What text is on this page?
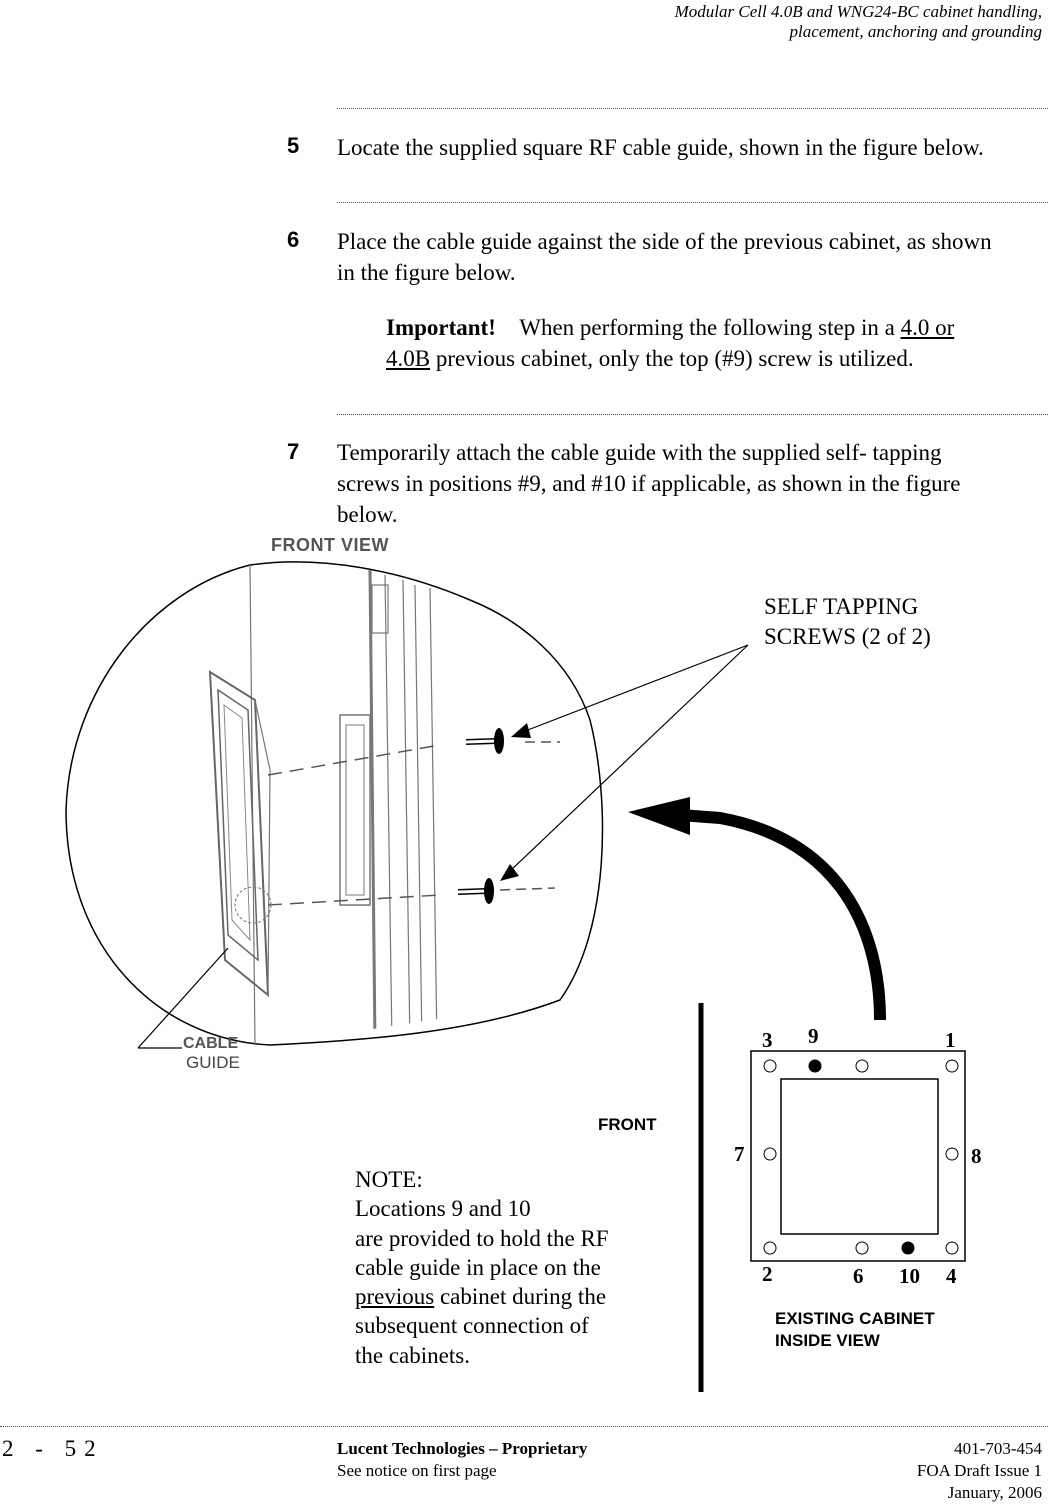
Modular Cell 4.0B and WNG24-BC cabinet handling,
placement, anchoring and grounding
5 Locate the supplied square RF cable guide, shown in the figure below.
6 Place the cable guide against the side of the previous cabinet, as shown
in the figure below.
Important! When performing the following step in a 4.0 or
4.0B previous cabinet, only the top (#9) screw is utilized.
7 Temporarily attach the cable guide with the supplied self- tapping
screws in positions #9, and #10 if applicable, as shown in the figure
below.
FRONT VIEW
SELF TAPPING
SCREWS (2 of 2)
CABLE
GUIDE
FRONT
NOTE:
Locations 9 and 10
are provided to hold the RF
cable guide in place on the
previous cabinet during the
subsequent connection of
the cabinets.
3 9	1
7	8
2	6 10 4
EXISTING CABINET
INSIDE VIEW
2 - 52	Lucent Technologies – Proprietary
See notice on first page
401-703-454
FOA Draft Issue 1
January, 2006
